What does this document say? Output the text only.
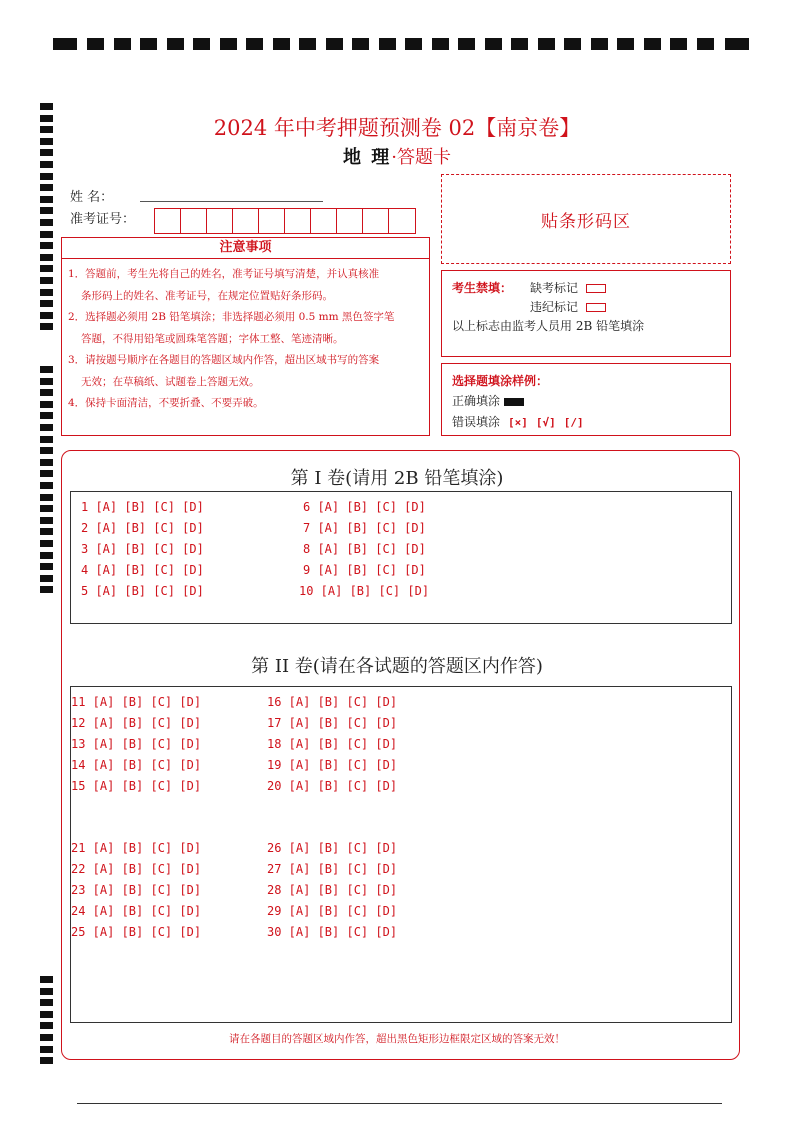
2024 年中考押题预测卷 02【南京卷】
地 理·答题卡
姓 名：
准考证号：	贴条形码区
注意事项

1．答题前，考生先将自己的姓名，准考证号填写清楚，并认真核准

条形码上的姓名、准考证号，在规定位置贴好条形码。

2．选择题必须用 2B 铅笔填涂；非选择题必须用 0.5 mm 黑色签字笔

答题，不得用铅笔或圆珠笔答题；字体工整、笔迹清晰。

3．请按题号顺序在各题目的答题区域内作答，超出区域书写的答案

无效；在草稿纸、试题卷上答题无效。

4．保持卡面清洁，不要折叠、不要弄破。

考生禁填： 缺考标记
违纪标记
以上标志由监考人员用 2B 铅笔填涂
选择题填涂样例：
正确填涂
错误填涂 [×] [√] [/]
第 I 卷(请用 2B 铅笔填涂)
1 [A] [B] [C] [D]
2 [A] [B] [C] [D]
3 [A] [B] [C] [D]
4 [A] [B] [C] [D]
5 [A] [B] [C] [D]
6 [A] [B] [C] [D]
7 [A] [B] [C] [D]
8 [A] [B] [C] [D]
9 [A] [B] [C] [D]
10 [A] [B] [C] [D]
第 II 卷(请在各试题的答题区内作答)
11 [A] [B] [C] [D]
12 [A] [B] [C] [D]
13 [A] [B] [C] [D]
14 [A] [B] [C] [D]
15 [A] [B] [C] [D]
16 [A] [B] [C] [D]
17 [A] [B] [C] [D]
18 [A] [B] [C] [D]
19 [A] [B] [C] [D]
20 [A] [B] [C] [D]
21 [A] [B] [C] [D]
22 [A] [B] [C] [D]
23 [A] [B] [C] [D]
24 [A] [B] [C] [D]
25 [A] [B] [C] [D]
26 [A] [B] [C] [D]
27 [A] [B] [C] [D]
28 [A] [B] [C] [D]
29 [A] [B] [C] [D]
30 [A] [B] [C] [D]
请在各题目的答题区域内作答，超出黑色矩形边框限定区域的答案无效！
